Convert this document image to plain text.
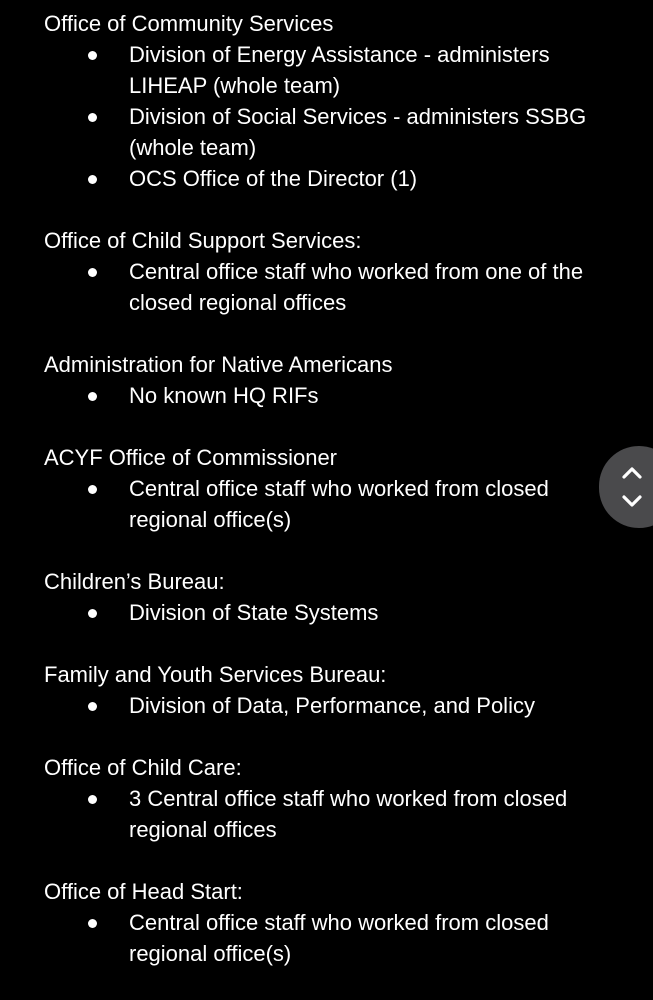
Office of Community Services
Division of Energy Assistance - administers LIHEAP (whole team)
Division of Social Services - administers SSBG (whole team)
OCS Office of the Director (1)
Office of Child Support Services:
Central office staff who worked from one of the closed regional offices
Administration for Native Americans
No known HQ RIFs
ACYF Office of Commissioner
Central office staff who worked from closed regional office(s)
Children’s Bureau:
Division of State Systems
Family and Youth Services Bureau:
Division of Data, Performance, and Policy
Office of Child Care:
3 Central office staff who worked from closed regional offices
Office of Head Start:
Central office staff who worked from closed regional office(s)
